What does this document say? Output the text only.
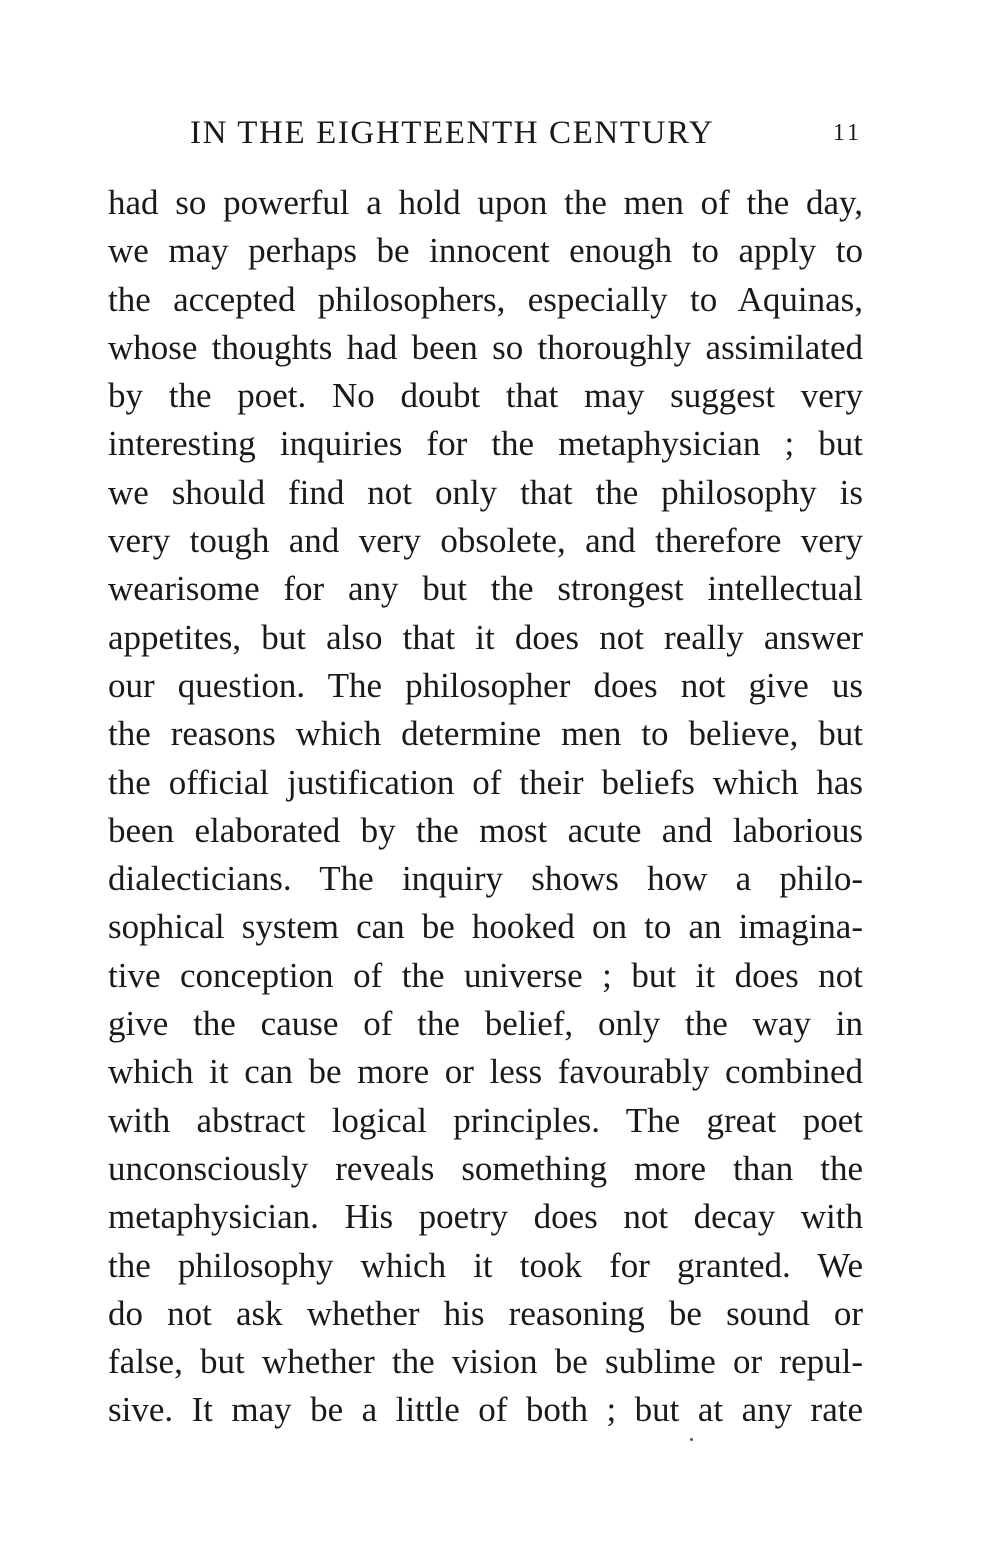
IN THE EIGHTEENTH CENTURY	11
had so powerful a hold upon the men of the day,
we may perhaps be innocent enough to apply to
the accepted philosophers, especially to Aquinas,
whose thoughts had been so thoroughly assimilated
by the poet. No doubt that may suggest very
interesting inquiries for the metaphysician ; but
we should find not only that the philosophy is
very tough and very obsolete, and therefore very
wearisome for any but the strongest intellectual
appetites, but also that it does not really answer
our question. The philosopher does not give us
the reasons which determine men to believe, but
the official justification of their beliefs which has
been elaborated by the most acute and laborious
dialecticians. The inquiry shows how a philo-
sophical system can be hooked on to an imagina-
tive conception of the universe ; but it does not
give the cause of the belief, only the way in
which it can be more or less favourably combined
with abstract logical principles. The great poet
unconsciously reveals something more than the
metaphysician. His poetry does not decay with
the philosophy which it took for granted. We
do not ask whether his reasoning be sound or
false, but whether the vision be sublime or repul-
sive. It may be a little of both ; but at any rate
